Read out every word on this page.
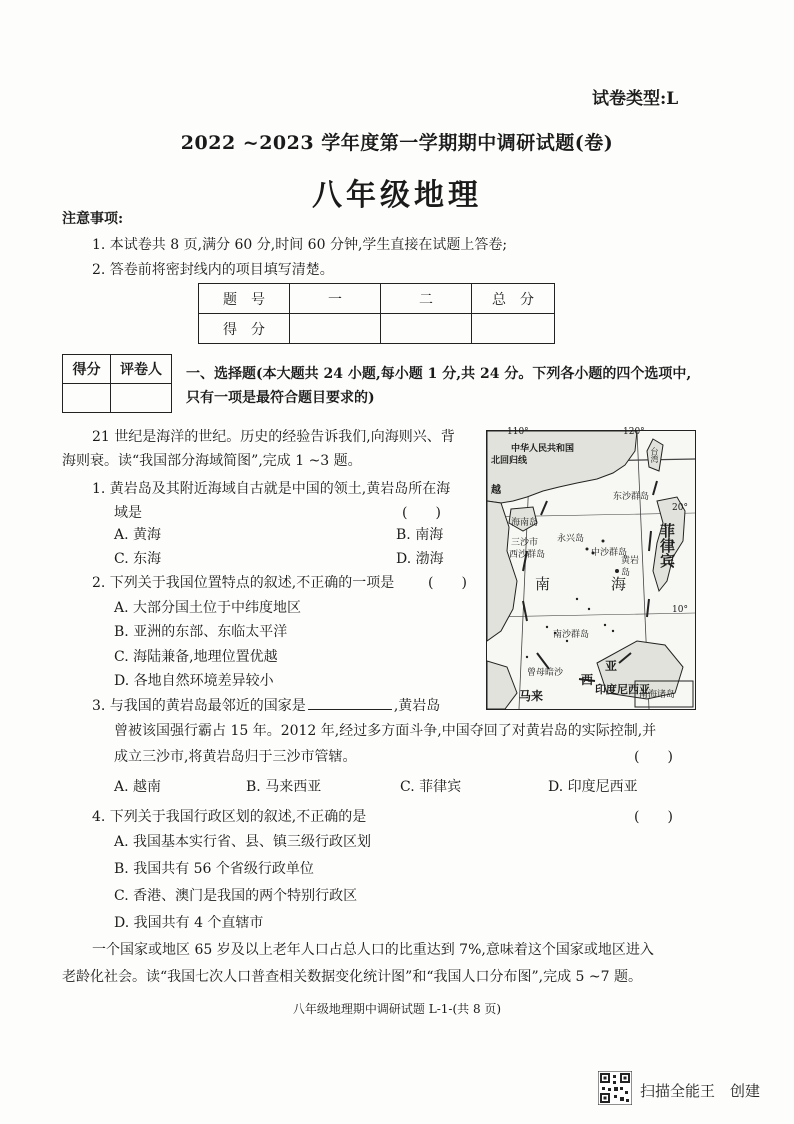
试卷类型:L
2022 ~2023 学年度第一学期期中调研试题(卷)
八年级地理
注意事项:
1. 本试卷共 8 页,满分 60 分,时间 60 分钟,学生直接在试题上答卷;
2. 答卷前将密封线内的项目填写清楚。
题　号	一	二	总　分
得　分			
得分	评卷人
	一、选择题(本大题共 24 小题,每小题 1 分,共 24 分。下列各小题的四个选项中,只有一项是最符合题目要求的)
21 世纪是海洋的世纪。历史的经验告诉我们,向海则兴、背
海则衰。读“我国部分海域简图”,完成 1 ~3 题。
1. 黄岩岛及其附近海域自古就是中国的领土,黄岩岛所在海
域是	(　　)
A. 黄海	B. 南海
C. 东海	D. 渤海
2. 下列关于我国位置特点的叙述,不正确的一项是 (　　)
A. 大部分国土位于中纬度地区
B. 亚洲的东部、东临太平洋
C. 海陆兼备,地理位置优越
D. 各地自然环境差异较小
3. 与我国的黄岩岛最邻近的国家是	,黄岩岛
曾被该国强行霸占 15 年。2012 年,经过多方面斗争,中国夺回了对黄岩岛的实际控制,并
成立三沙市,将黄岩岛归于三沙市管辖。	(　　)
A. 越南	B. 马来西亚	C. 菲律宾	D. 印度尼西亚
4. 下列关于我国行政区划的叙述,不正确的是	(　　)
A. 我国基本实行省、县、镇三级行政区划
B. 我国共有 56 个省级行政单位
C. 香港、澳门是我国的两个特别行政区
D. 我国共有 4 个直辖市
一个国家或地区 65 岁及以上老年人口占总人口的比重达到 7%,意味着这个国家或地区进入
老龄化社会。读“我国七次人口普查相关数据变化统计图”和“我国人口分布图”,完成 5 ~7 题。
110°	120°
20°
10°
中华人民共和国
北回归线	台湾
东沙群岛
越
海南岛
三沙市 永兴岛
西沙群岛	中沙群岛
黄岩岛
菲律宾
南	海
南沙群岛
曾母暗沙
马来
西
亚
印度尼西亚
南海诸岛
八年级地理期中调研试题 L-1-(共 8 页)
扫描全能王　创建
